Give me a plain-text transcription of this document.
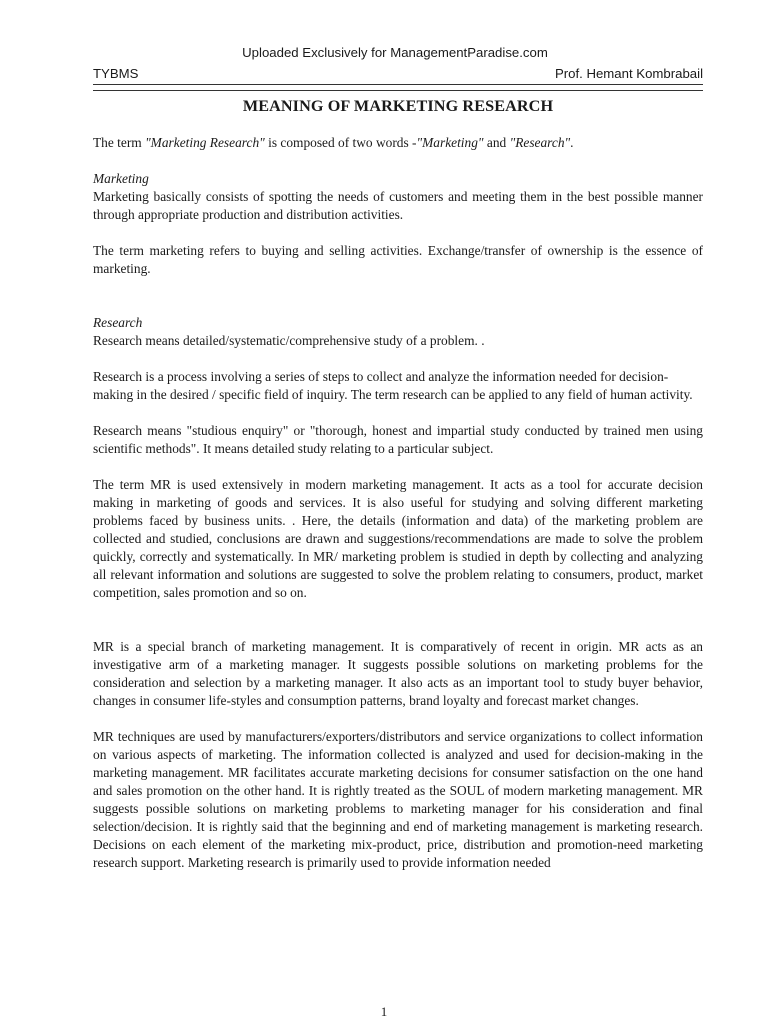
Uploaded Exclusively for ManagementParadise.com
TYBMS	Prof. Hemant Kombrabail
MEANING OF MARKETING RESEARCH

The term "Marketing Research" is composed of two words -"Marketing" and "Research".

Marketing

Marketing basically consists of spotting the needs of customers and meeting them in the best possible manner through appropriate production and distribution activities.

The term marketing refers to buying and selling activities. Exchange/transfer of ownership is the essence of marketing.

Research

Research means detailed/systematic/comprehensive study of a problem. .

Research is a process involving a series of steps to collect and analyze the information needed for decision-making in the desired / specific field of inquiry. The term research can be applied to any field of human activity.

Research means "studious enquiry" or "thorough, honest and impartial study conducted by trained men using scientific methods". It means detailed study relating to a particular subject.

The term MR is used extensively in modern marketing management. It acts as a tool for accurate decision making in marketing of goods and services. It is also useful for studying and solving different marketing problems faced by business units. . Here, the details (information and data) of the marketing problem are collected and studied, conclusions are drawn and suggestions/recommendations are made to solve the problem quickly, correctly and systematically. In MR/ marketing problem is studied in depth by collecting and analyzing all relevant information and solutions are suggested to solve the problem relating to consumers, product, market competition, sales promotion and so on.

MR is a special branch of marketing management. It is comparatively of recent in origin. MR acts as an investigative arm of a marketing manager. It suggests possible solutions on marketing problems for the consideration and selection by a marketing manager. It also acts as an important tool to study buyer behavior, changes in consumer life-styles and consumption patterns, brand loyalty and forecast market changes.

MR techniques are used by manufacturers/exporters/distributors and service organizations to collect information on various aspects of marketing. The information collected is analyzed and used for decision-making in the marketing management. MR facilitates accurate marketing decisions for consumer satisfaction on the one hand and sales promotion on the other hand. It is rightly treated as the SOUL of modern marketing management. MR suggests possible solutions on marketing problems to marketing manager for his consideration and final selection/decision. It is rightly said that the beginning and end of marketing management is marketing research. Decisions on each element of the marketing mix-product, price, distribution and promotion-need marketing research support. Marketing research is primarily used to provide information needed

1
